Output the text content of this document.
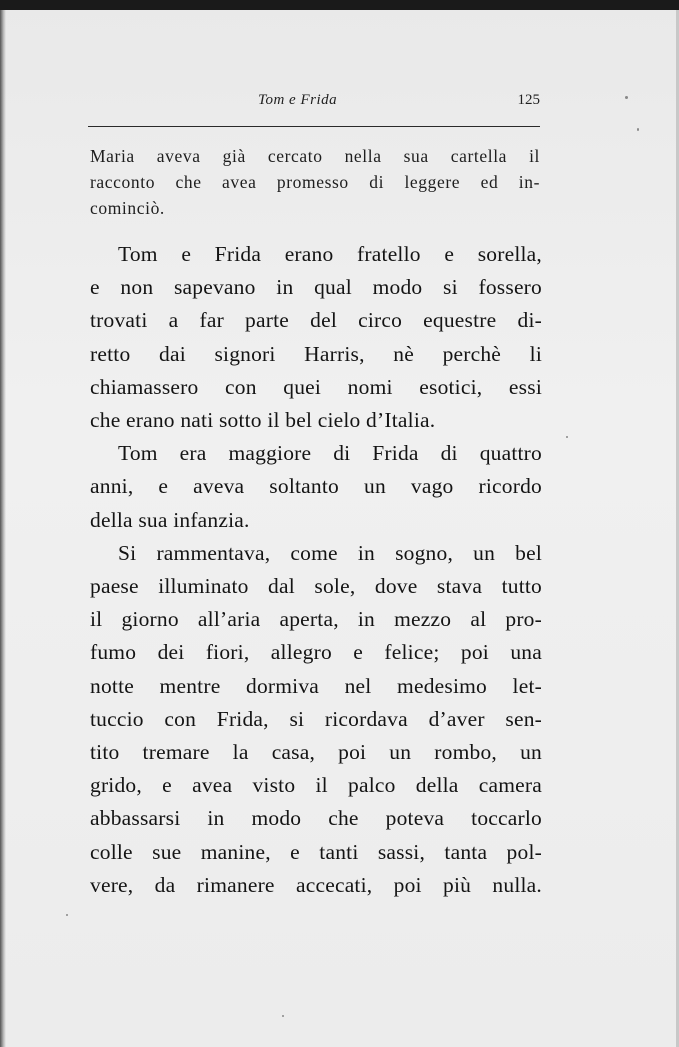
Tom e Frida	125
Maria aveva già cercato nella sua cartella il
racconto che avea promesso di leggere ed in-
cominciò.
Tom e Frida erano fratello e sorella,
e non sapevano in qual modo si fossero
trovati a far parte del circo equestre di-
retto dai signori Harris, nè perchè li
chiamassero con quei nomi esotici, essi
che erano nati sotto il bel cielo d’Italia.
Tom era maggiore di Frida di quattro
anni, e aveva soltanto un vago ricordo
della sua infanzia.
Si rammentava, come in sogno, un bel
paese illuminato dal sole, dove stava tutto
il giorno all’aria aperta, in mezzo al pro-
fumo dei fiori, allegro e felice; poi una
notte mentre dormiva nel medesimo let-
tuccio con Frida, si ricordava d’aver sen-
tito tremare la casa, poi un rombo, un
grido, e avea visto il palco della camera
abbassarsi in modo che poteva toccarlo
colle sue manine, e tanti sassi, tanta pol-
vere, da rimanere accecati, poi più nulla.
